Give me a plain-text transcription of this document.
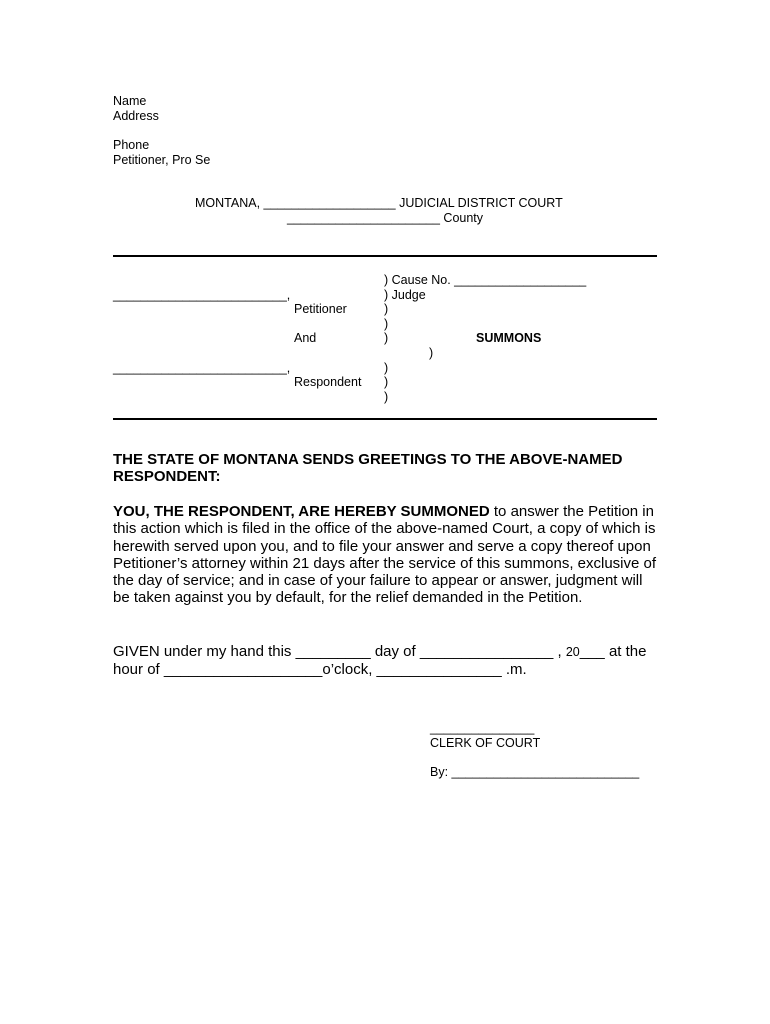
Name
Address
Phone
Petitioner, Pro Se
MONTANA, ___________________ JUDICIAL DISTRICT COURT
______________________ County
) Cause No. ___________________
_________________________,	) Judge
Petitioner	)
)
And	)	SUMMONS
)
_________________________,	)
Respondent )
)
THE STATE OF MONTANA SENDS GREETINGS TO THE ABOVE-NAMED RESPONDENT:
YOU, THE RESPONDENT, ARE HEREBY SUMMONED to answer the Petition in this action which is filed in the office of the above-named Court, a copy of which is herewith served upon you, and to file your answer and serve a copy thereof upon Petitioner’s attorney within 21 days after the service of this summons, exclusive of the day of service; and in case of your failure to appear or answer, judgment will be taken against you by default, for the relief demanded in the Petition.
GIVEN under my hand this _________ day of ________________ , 20___ at the
hour of ___________________o’clock, _______________ .m.
_______________
CLERK OF COURT
By: ___________________________
